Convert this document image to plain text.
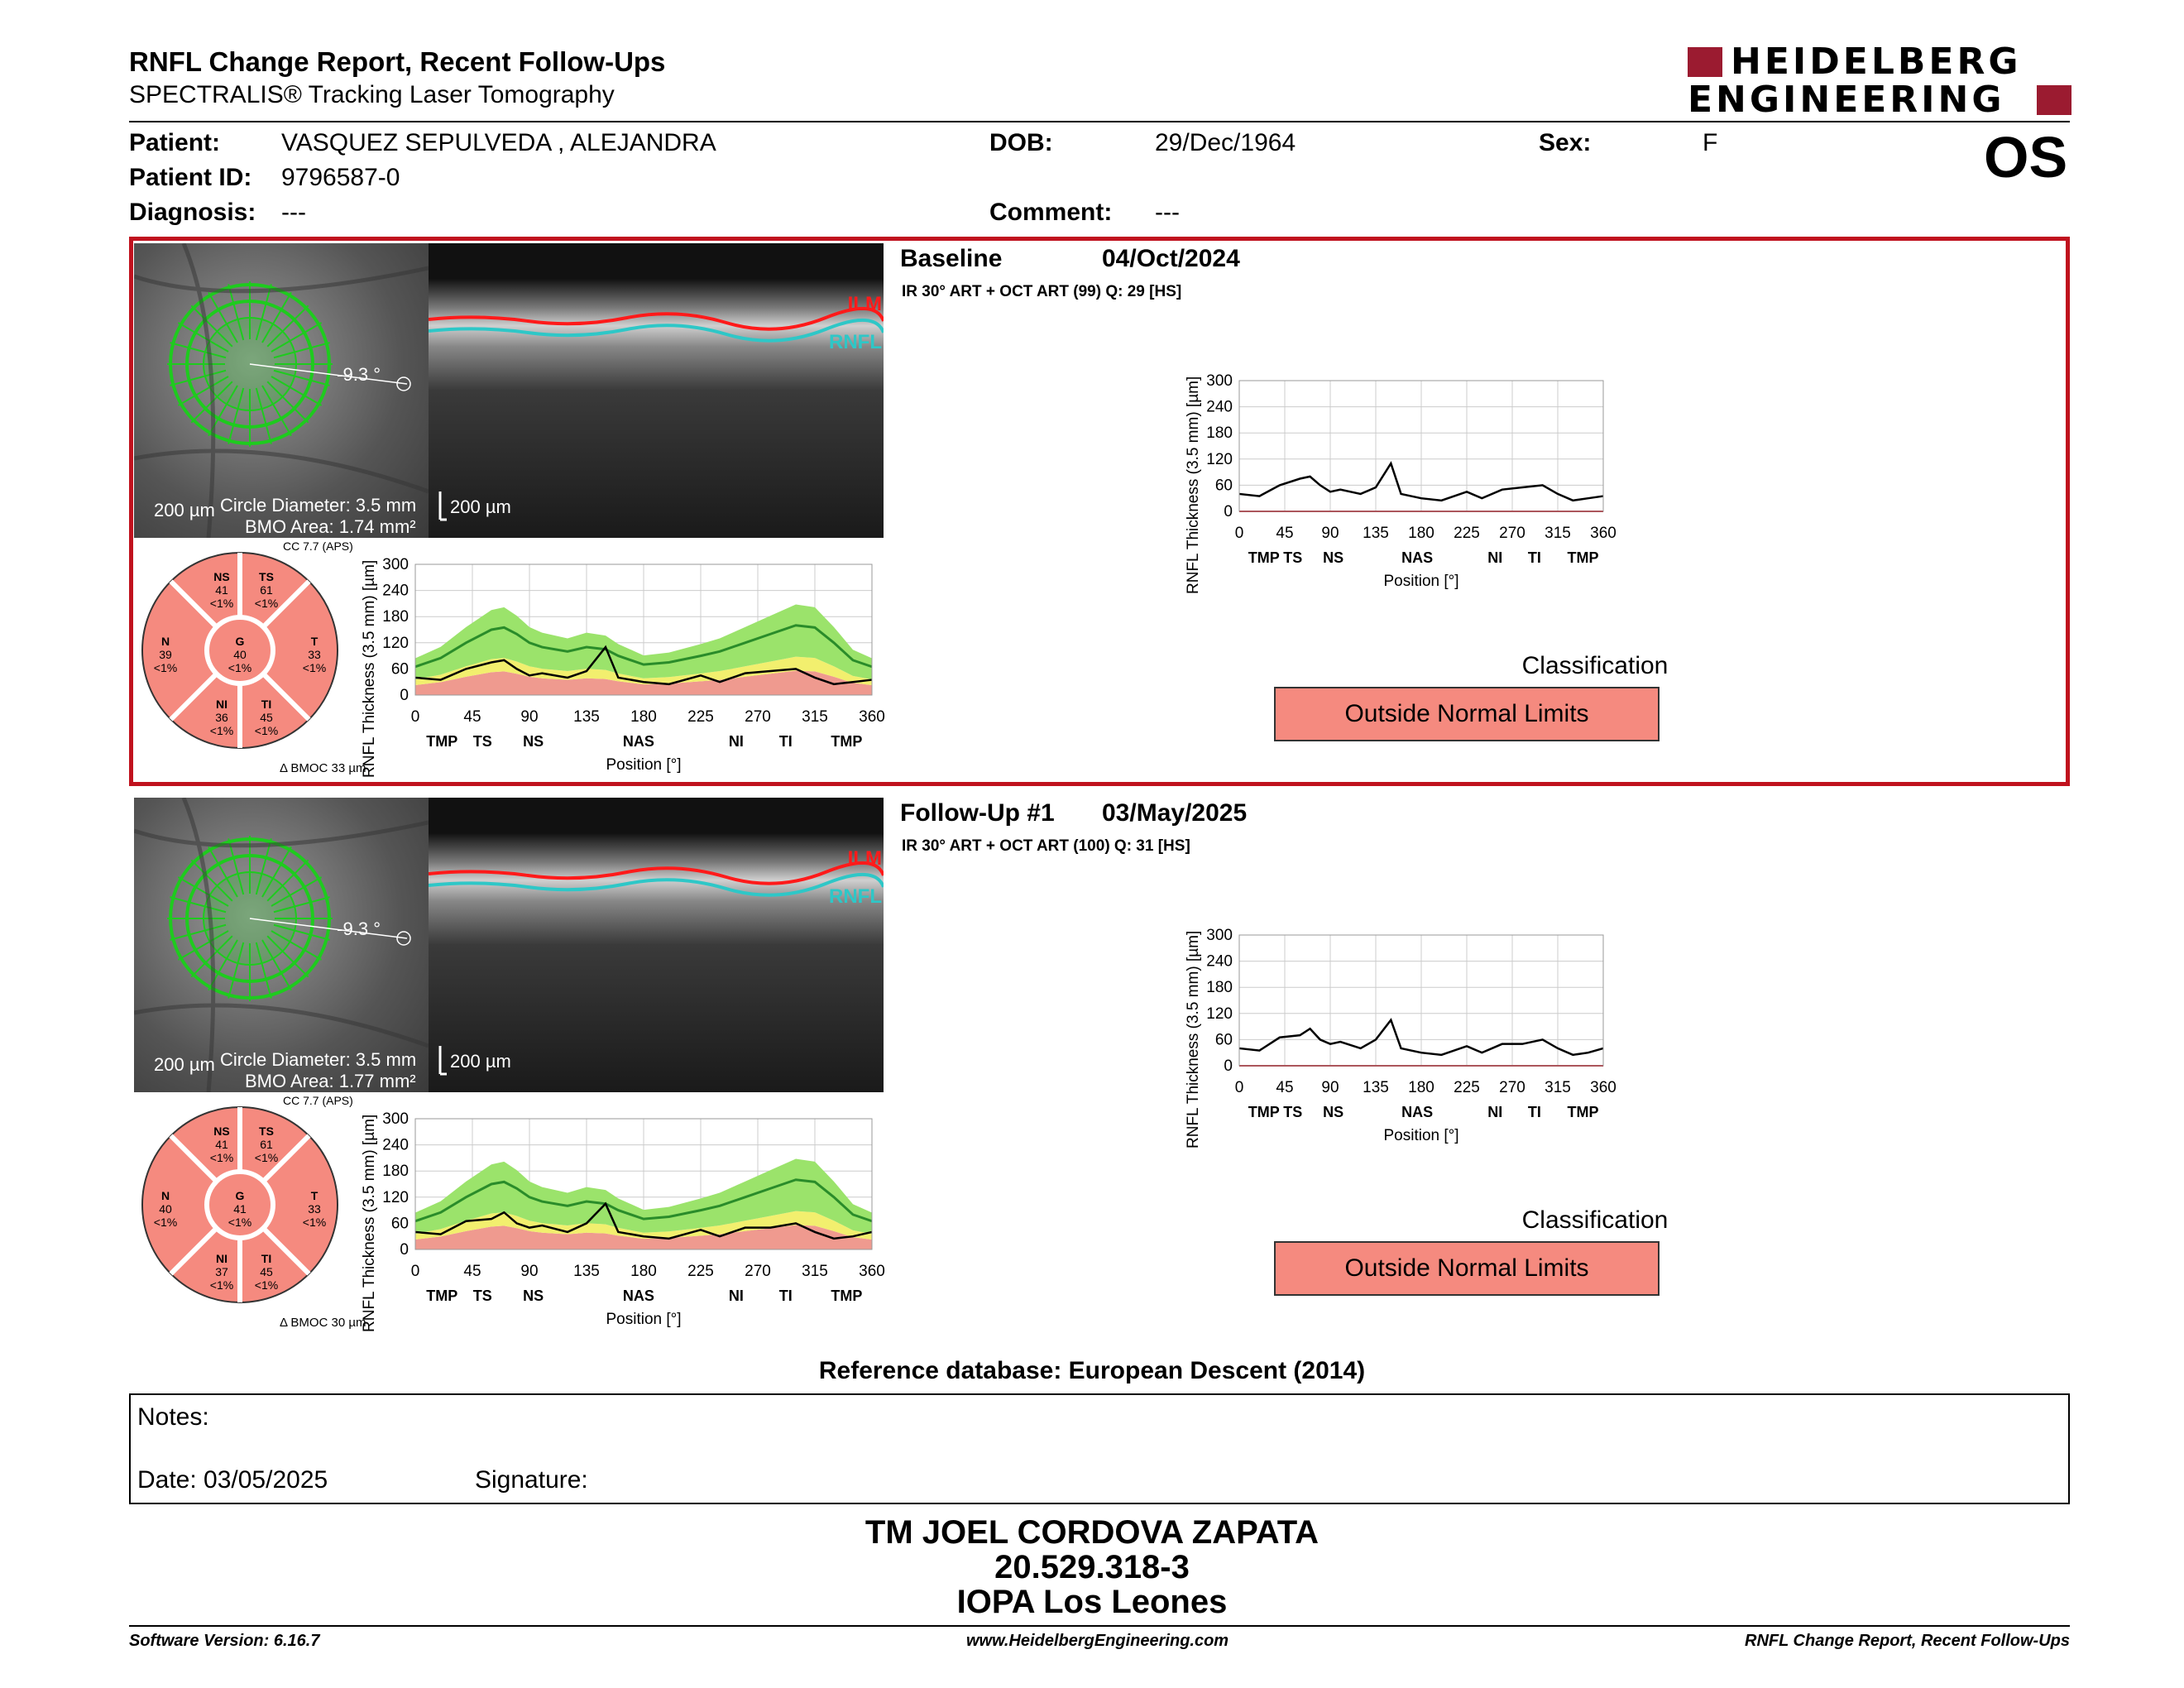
RNFL Change Report, Recent Follow-Ups
SPECTRALIS® Tracking Laser Tomography
HEIDELBERG
ENGINEERING
OS
Patient: VASQUEZ SEPULVEDA , ALEJANDRA	DOB:	29/Dec/1964	Sex:	F
Patient ID: 9796587-0
Diagnosis: ---	Comment: ---
-9.3 °
200 µm Circle Diameter: 3.5 mm
BMO Area: 1.74 mm²
ILM
RNFL
200 µm
CC 7.7 (APS)
NS
41
<1%
TS
61
<1%
N
39
<1%
G
40
<1%
T
33
<1%
NI
36
<1%
TI
45
<1%
Δ BMOC 33 µm
0
60
120
180
240
300
0	45	90 135 180 225 270 315 360
TMP TS NS	NAS	NI TI	TMP
Position [°]
RNFL Thickness (3.5 mm) [µm]
Baseline	04/Oct/2024
IR 30° ART + OCT ART (99) Q: 29 [HS]
0
60
120
180
240
300
0 45 90 135 180 225 270 315 360
TMP TS NS	NAS	NI TI TMP
Position [°]
RNFL Thickness (3.5 mm) [µm]
Classification
Outside Normal Limits
-9.3 °
200 µm Circle Diameter: 3.5 mm
BMO Area: 1.77 mm²
ILM
RNFL
200 µm
CC 7.7 (APS)
NS
41
<1%
TS
61
<1%
N
40
<1%
G
41
<1%
T
33
<1%
NI
37
<1%
TI
45
<1%
Δ BMOC 30 µm
0
60
120
180
240
300
0	45	90 135 180 225 270 315 360
TMP TS NS	NAS	NI TI	TMP
Position [°]
RNFL Thickness (3.5 mm) [µm]
Follow-Up #1 03/May/2025
IR 30° ART + OCT ART (100) Q: 31 [HS]
0
60
120
180
240
300
0 45 90 135 180 225 270 315 360
TMP TS NS	NAS	NI TI TMP
Position [°]
RNFL Thickness (3.5 mm) [µm]
Classification
Outside Normal Limits
Reference database: European Descent (2014)
Notes:
Date: 03/05/2025	Signature:
TM JOEL CORDOVA ZAPATA
20.529.318-3
IOPA Los Leones
Software Version: 6.16.7	www.HeidelbergEngineering.com	RNFL Change Report, Recent Follow-Ups
